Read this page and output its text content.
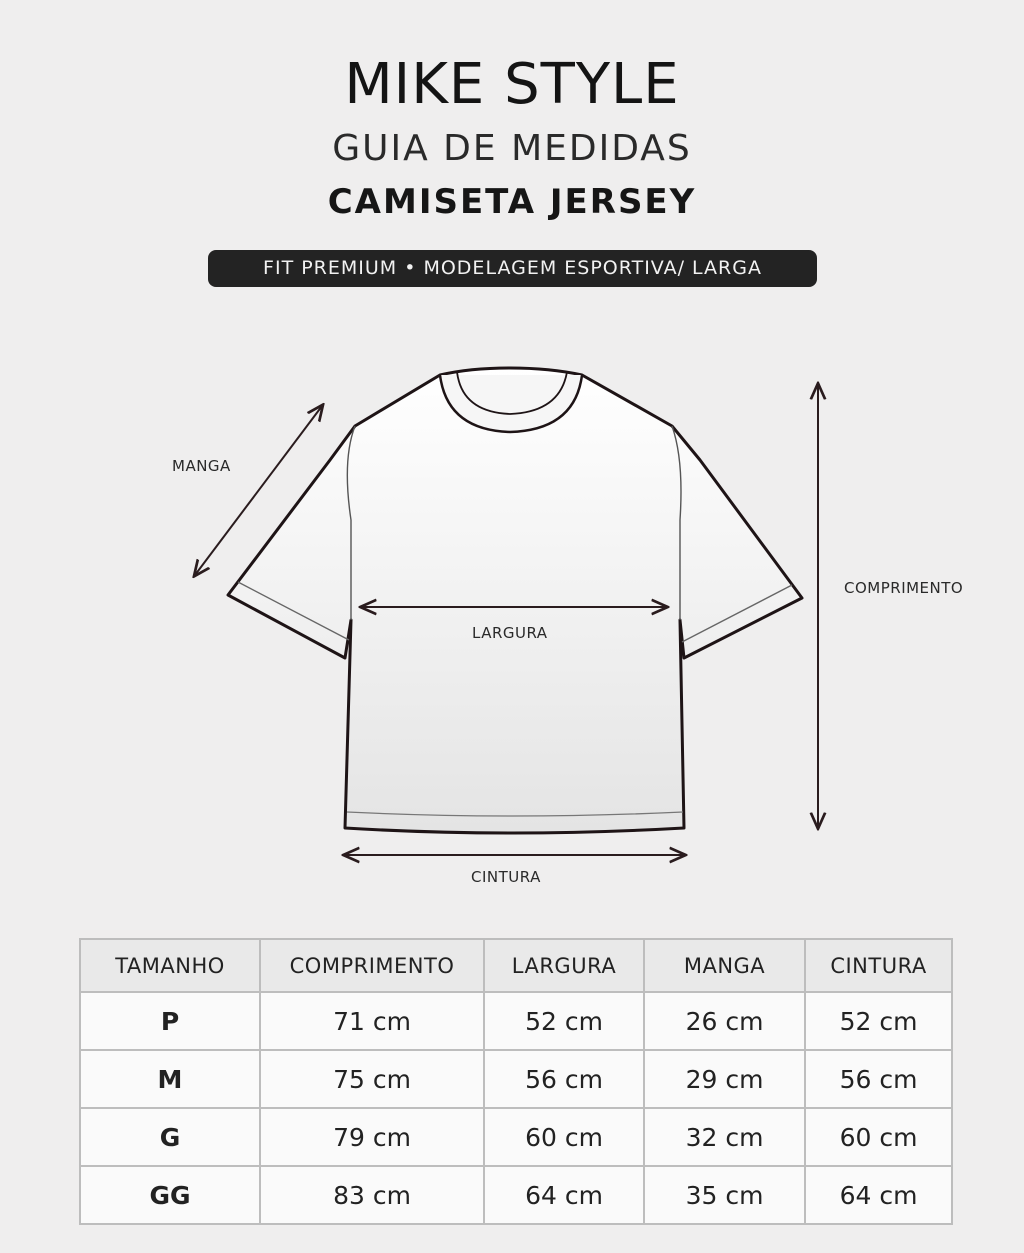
MIKE STYLE
GUIA DE MEDIDAS
CAMISETA JERSEY
FIT PREMIUM • MODELAGEM ESPORTIVA/ LARGA
MANGA
LARGURA
COMPRIMENTO
CINTURA
TAMANHO	COMPRIMENTO	LARGURA	MANGA	CINTURA
P	71 cm	52 cm	26 cm	52 cm
M	75 cm	56 cm	29 cm	56 cm
G	79 cm	60 cm	32 cm	60 cm
GG	83 cm	64 cm	35 cm	64 cm
